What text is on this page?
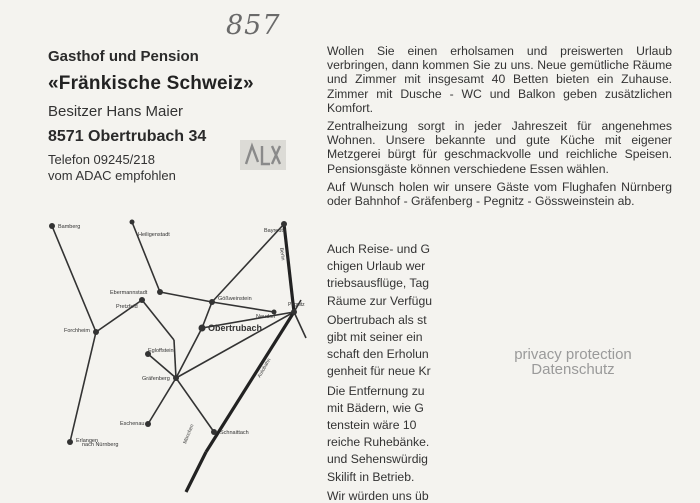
857

Gasthof und Pension

«Fränkische Schweiz»

Besitzer Hans Maier

8571 Obertrubach 34

Telefon 09245/218

vom ADAC empfohlen

Wollen Sie einen erholsamen und preiswerten Urlaub verbringen, dann kommen Sie zu uns. Neue gemütliche Räume und Zimmer mit insgesamt 40 Betten bieten ein Zuhause. Zimmer mit Dusche - WC und Balkon geben zusätzlichen Komfort.

Zentralheizung sorgt in jeder Jahreszeit für angenehmes Wohnen. Unsere bekannte und gute Küche mit eigener Metzgerei bürgt für geschmackvolle und reichliche Speisen. Pensionsgäste können verschiedene Essen wählen.

Auf Wunsch holen wir unsere Gäste vom Flughafen Nürnberg oder Bahnhof - Gräfenberg - Pegnitz - Gössweinstein ab.

Auch Reise- und G

chigen Urlaub wer

triebsausflüge, Tag

Räume zur Verfügu

Obertrubach als st

gibt mit seiner ein

schaft den Erholun

genheit für neue Kr

Die Entfernung zu

mit Bädern, wie G

tenstein wäre 10

reiche Ruhebänke.

und Sehenswürdig

Skilift in Betrieb.

Wir würden uns üb

privacy protection
Datenschutz
Bamberg
Heiligenstadt
Bayreuth
Ebermannstadt
Pretzfeld
Gößweinstein
Forchheim	Obertrubach
Neudorf
Pegnitz
Egloffstein
Gräfenberg
Erlangen
Eschenau
Schnaittach
nach Nürnberg
München
Berlin
Autobahn
